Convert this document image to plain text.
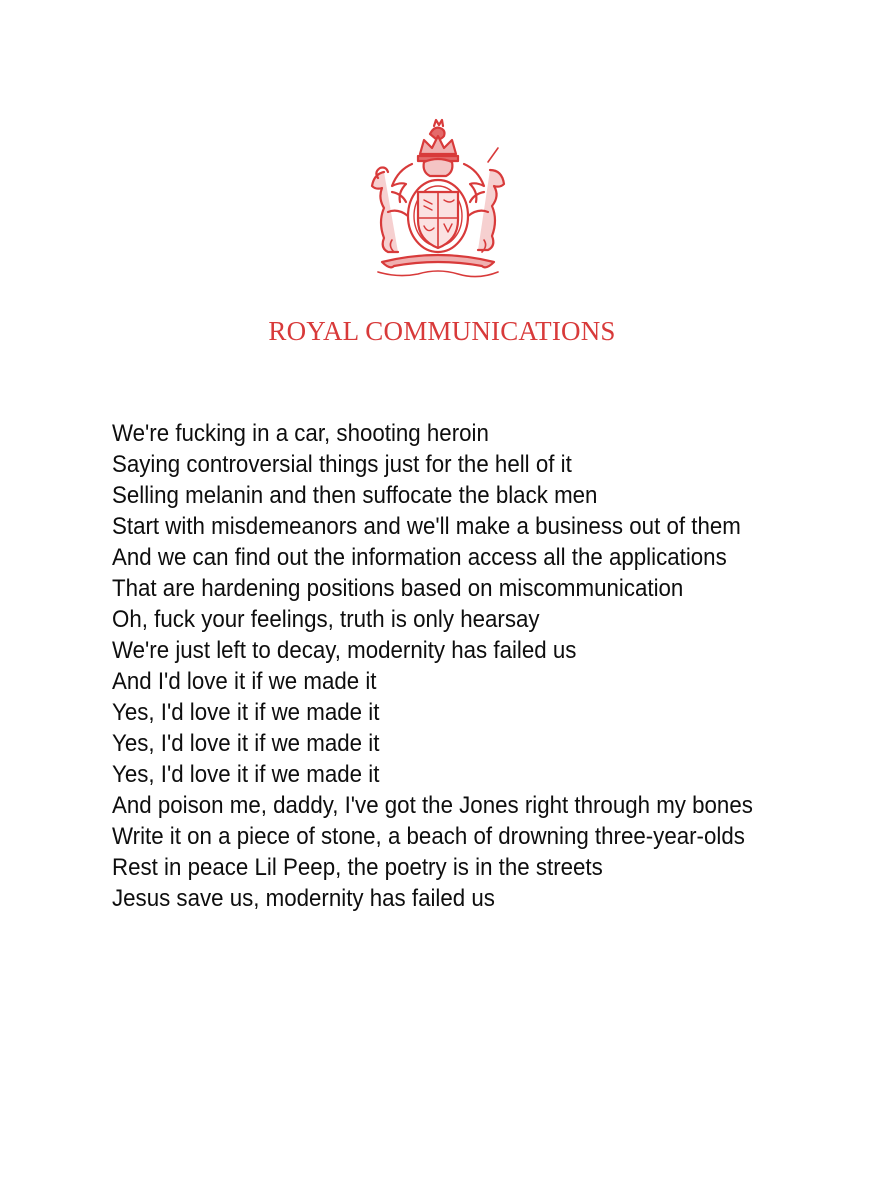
ROYAL COMMUNICATIONS
We're fucking in a car, shooting heroin
Saying controversial things just for the hell of it
Selling melanin and then suffocate the black men
Start with misdemeanors and we'll make a business out of them
And we can find out the information access all the applications
That are hardening positions based on miscommunication
Oh, fuck your feelings, truth is only hearsay
We're just left to decay, modernity has failed us
And I'd love it if we made it
Yes, I'd love it if we made it
Yes, I'd love it if we made it
Yes, I'd love it if we made it
And poison me, daddy, I've got the Jones right through my bones
Write it on a piece of stone, a beach of drowning three-year-olds
Rest in peace Lil Peep, the poetry is in the streets
Jesus save us, modernity has failed us
